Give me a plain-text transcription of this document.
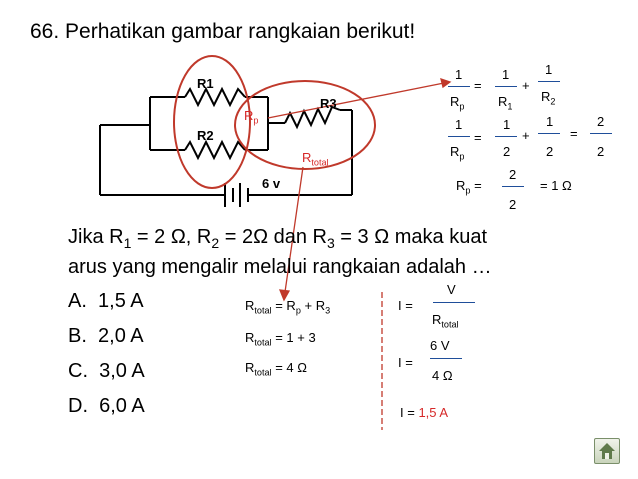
66. Perhatikan gambar rangkaian berikut!
R1
R2
R3
6 v
$R_p$
$R_{total}$
Jika $R_1 = 2$ Ω, $R_2 = 2\Omega$ dan $R_3 = 3$ Ω maka kuat
arus yang mengalir melalui rangkaian adalah …
A. 1,5 A
B. 2,0 A
C. 3,0 A
D. 6,0 A
1
$R_p$
=
1
$R_1$
+
1
$R_2$
1
$R_p$
=
1
2
+
1
2
=
2
2
$R_p$ =
2
2
= 1 Ω
$R_{total} = R_p + R_3$
$R_{total} = 1 + 3$
$R_{total} = 4$ Ω
I =
V
$R_{total}$
I =
6 V
4 Ω
I = 1,5 A
